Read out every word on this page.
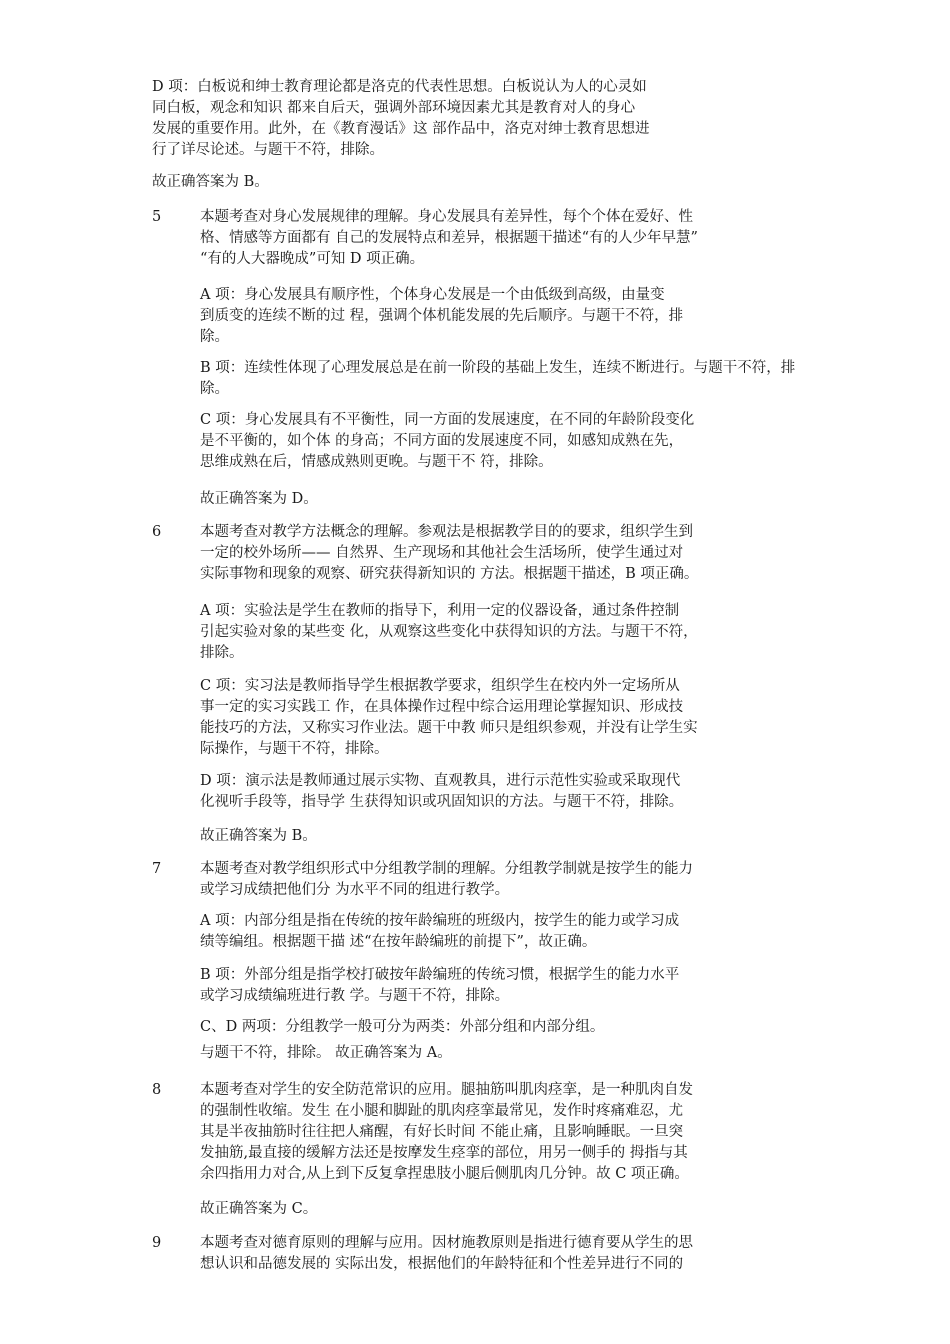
D 项：白板说和绅士教育理论都是洛克的代表性思想。白板说认为人的心灵如
同白板，观念和知识 都来自后天，强调外部环境因素尤其是教育对人的身心
发展的重要作用。此外，在《教育漫话》这 部作品中，洛克对绅士教育思想进
行了详尽论述。与题干不符，排除。
故正确答案为 B。
5	本题考查对身心发展规律的理解。身心发展具有差异性，每个个体在爱好、性
格、情感等方面都有 自己的发展特点和差异，根据题干描述“有的人少年早慧”
“有的人大器晚成”可知 D 项正确。
A 项：身心发展具有顺序性，个体身心发展是一个由低级到高级，由量变
到质变的连续不断的过 程，强调个体机能发展的先后顺序。与题干不符，排
除。
B 项：连续性体现了心理发展总是在前一阶段的基础上发生，连续不断进行。与题干不符，排
除。
C 项：身心发展具有不平衡性，同一方面的发展速度，在不同的年龄阶段变化
是不平衡的，如个体 的身高；不同方面的发展速度不同，如感知成熟在先，
思维成熟在后，情感成熟则更晚。与题干不 符，排除。
故正确答案为 D。
6	本题考查对教学方法概念的理解。参观法是根据教学目的的要求，组织学生到
一定的校外场所—— 自然界、生产现场和其他社会生活场所，使学生通过对
实际事物和现象的观察、研究获得新知识的 方法。根据题干描述，B 项正确。
A 项：实验法是学生在教师的指导下，利用一定的仪器设备，通过条件控制
引起实验对象的某些变 化，从观察这些变化中获得知识的方法。与题干不符，
排除。
C 项：实习法是教师指导学生根据教学要求，组织学生在校内外一定场所从
事一定的实习实践工 作，在具体操作过程中综合运用理论掌握知识、形成技
能技巧的方法，又称实习作业法。题干中教 师只是组织参观，并没有让学生实
际操作，与题干不符，排除。
D 项：演示法是教师通过展示实物、直观教具，进行示范性实验或采取现代
化视听手段等，指导学 生获得知识或巩固知识的方法。与题干不符，排除。
故正确答案为 B。
7	本题考查对教学组织形式中分组教学制的理解。分组教学制就是按学生的能力
或学习成绩把他们分 为水平不同的组进行教学。
A 项：内部分组是指在传统的按年龄编班的班级内，按学生的能力或学习成
绩等编组。根据题干描 述“在按年龄编班的前提下”，故正确。
B 项：外部分组是指学校打破按年龄编班的传统习惯，根据学生的能力水平
或学习成绩编班进行教 学。与题干不符，排除。
C、D 两项：分组教学一般可分为两类：外部分组和内部分组。
与题干不符，排除。 故正确答案为 A。
8	本题考查对学生的安全防范常识的应用。腿抽筋叫肌肉痉挛，是一种肌肉自发
的强制性收缩。发生 在小腿和脚趾的肌肉痉挛最常见，发作时疼痛难忍，尤
其是半夜抽筋时往往把人痛醒，有好长时间 不能止痛，且影响睡眠。一旦突
发抽筋,最直接的缓解方法还是按摩发生痉挛的部位，用另一侧手的 拇指与其
余四指用力对合,从上到下反复拿捏患肢小腿后侧肌肉几分钟。故 C 项正确。
故正确答案为 C。
9	本题考查对德育原则的理解与应用。因材施教原则是指进行德育要从学生的思
想认识和品德发展的 实际出发，根据他们的年龄特征和个性差异进行不同的
